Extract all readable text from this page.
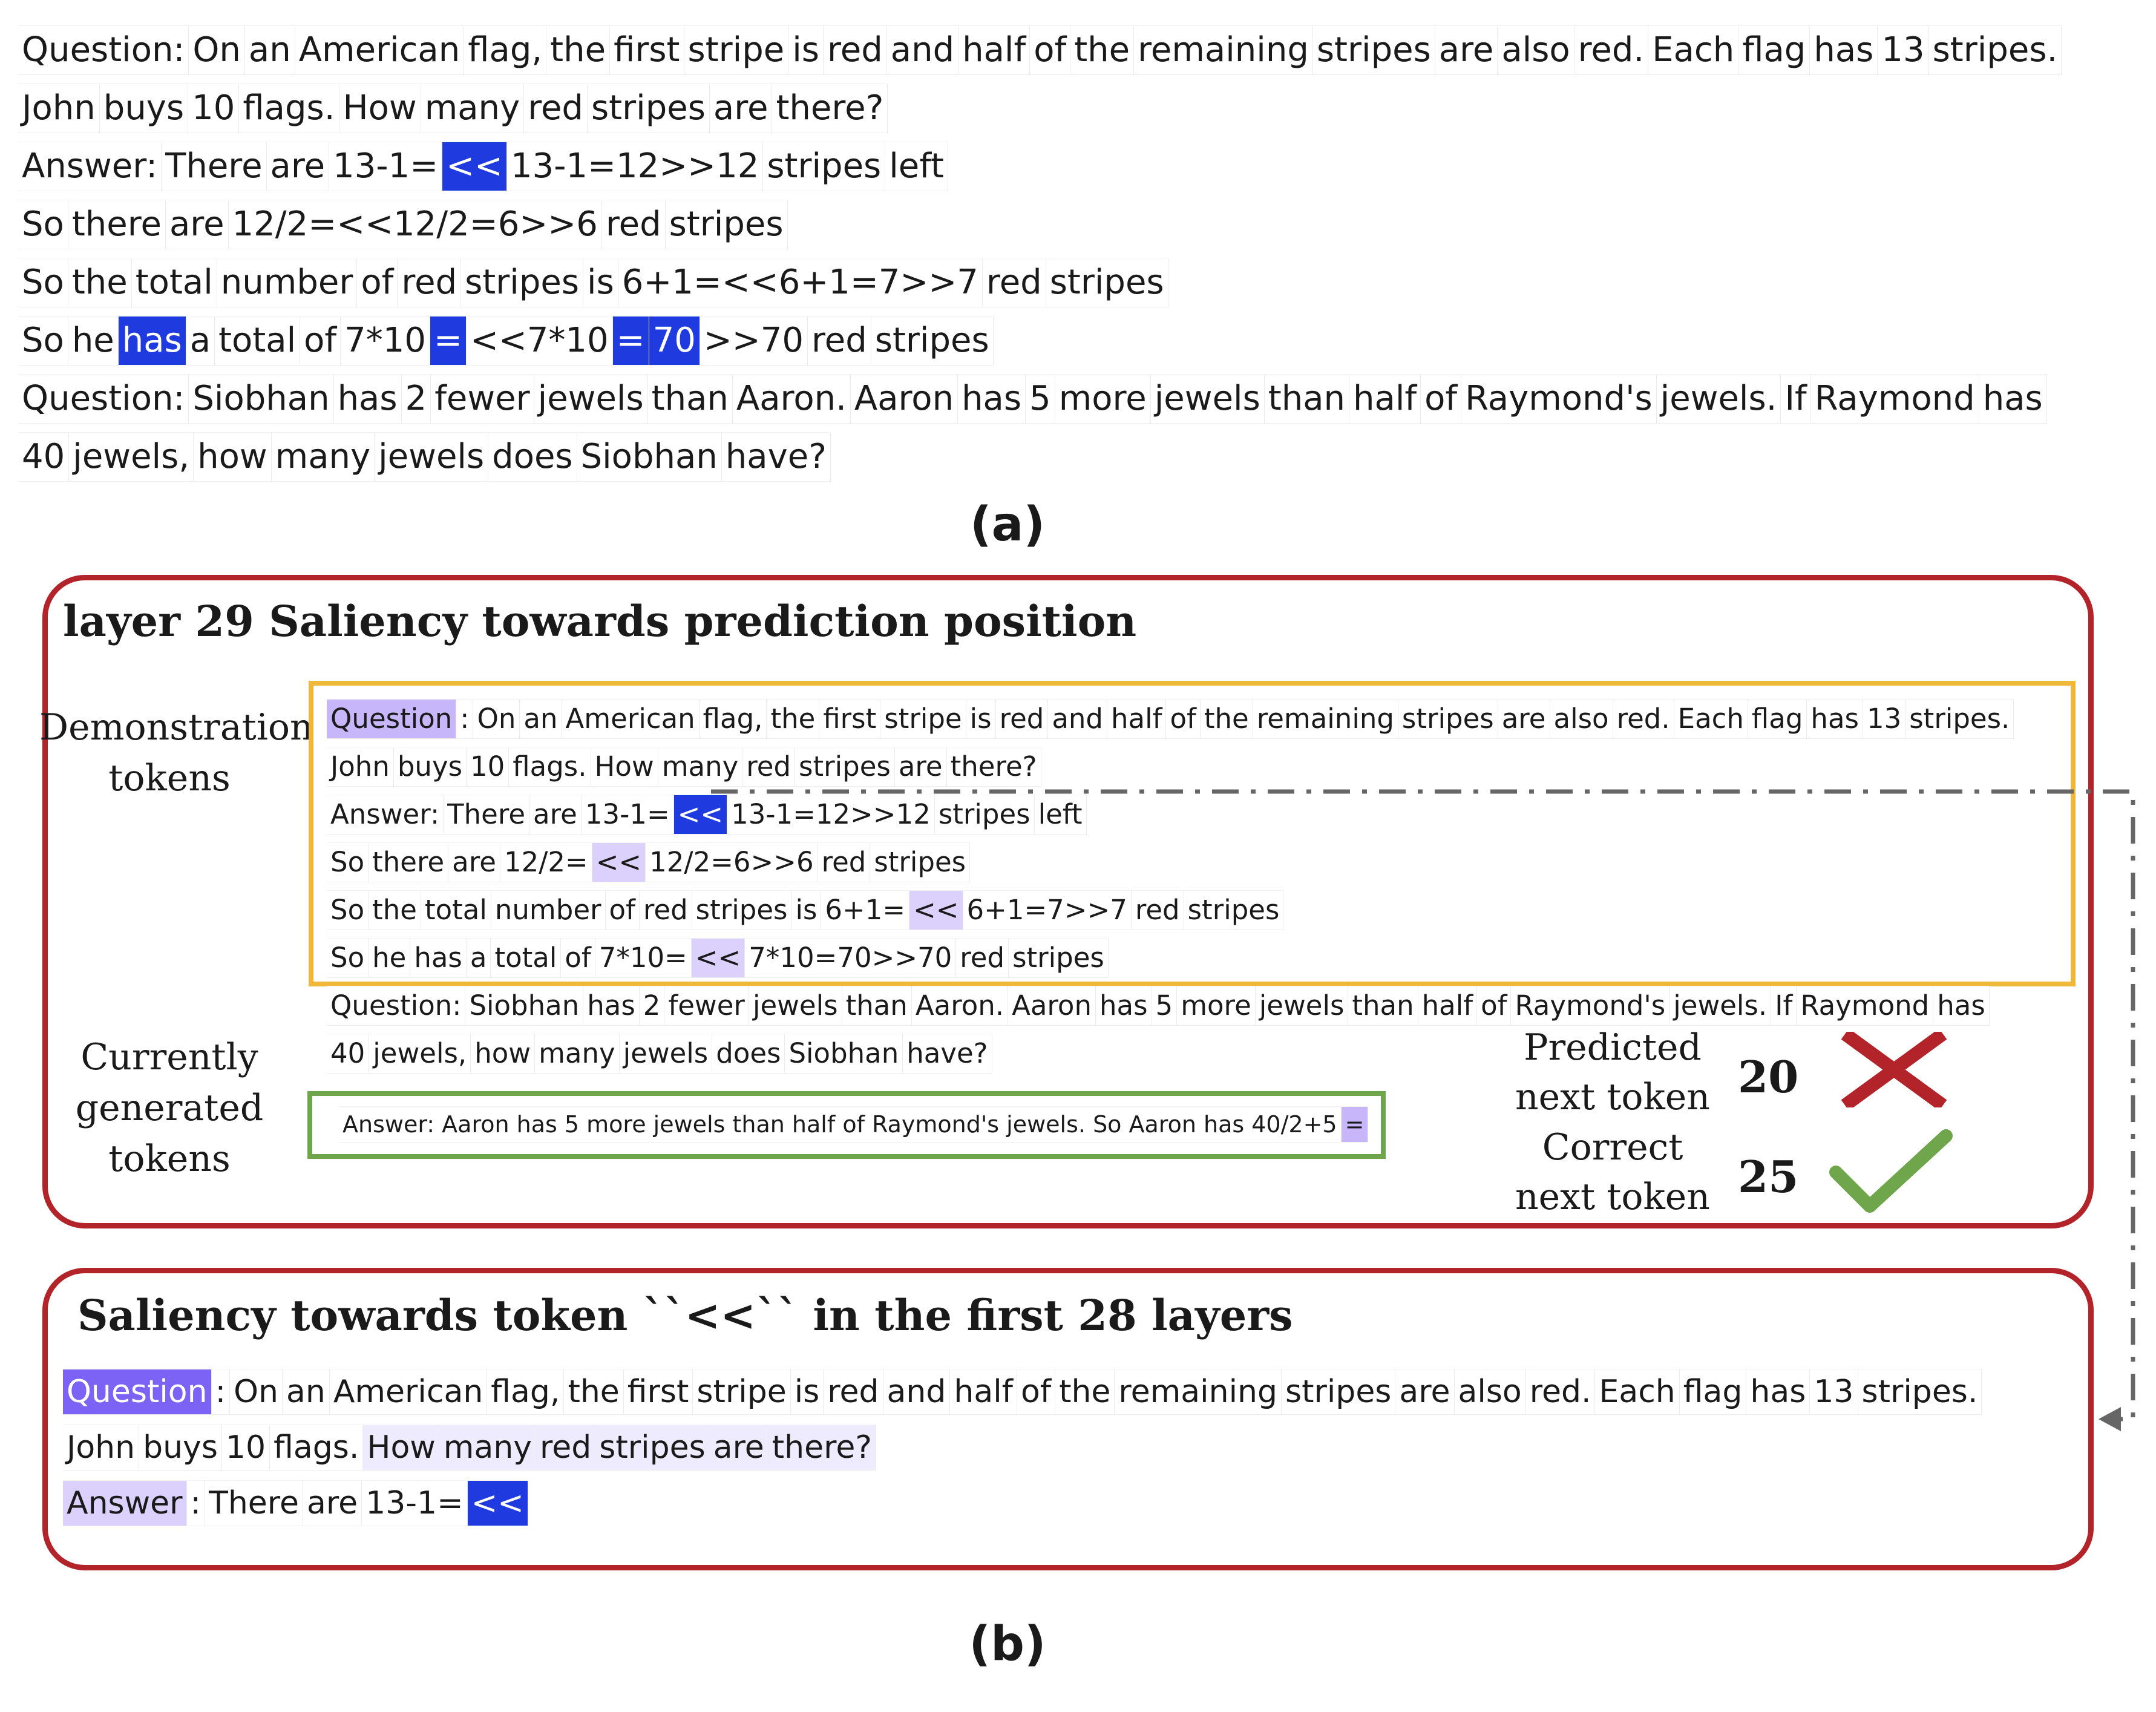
Question: On an American flag, the first stripe is red and half of the remaining stripes are also red. Each flag has 13 stripes.
John buys 10 flags. How many red stripes are there?
Answer: There are 13-1= << 13-1=12>>12 stripes left
So there are 12/2=<<12/2=6>>6 red stripes
So the total number of red stripes is 6+1=<<6+1=7>>7 red stripes
So he has a total of 7*10 = <<7*10 = 70 >>70 red stripes
Question: Siobhan has 2 fewer jewels than Aaron. Aaron has 5 more jewels than half of Raymond's jewels. If Raymond has
40 jewels, how many jewels does Siobhan have?
(a)
layer 29 Saliency towards prediction position
Demonstration
tokens
Currently
generated
tokens
Question : On an American flag, the first stripe is red and half of the remaining stripes are also red. Each flag has 13 stripes.
John buys 10 flags. How many red stripes are there?
Answer: There are 13-1= << 13-1=12>>12 stripes left
So there are 12/2= << 12/2=6>>6 red stripes
So the total number of red stripes is 6+1= << 6+1=7>>7 red stripes
So he has a total of 7*10= << 7*10=70>>70 red stripes
Question: Siobhan has 2 fewer jewels than Aaron. Aaron has 5 more jewels than half of Raymond's jewels. If Raymond has
40 jewels, how many jewels does Siobhan have?
Answer: Aaron has 5 more jewels than half of Raymond's jewels. So Aaron has 40/2+5 =
Predicted
next token 20
Correct
next token 25
Saliency towards token ``<<`` in the first 28 layers
Question : On an American flag, the first stripe is red and half of the remaining stripes are also red. Each flag has 13 stripes.
John buys 10 flags. How many red stripes are there?
Answer : There are 13-1= <<
(b)
